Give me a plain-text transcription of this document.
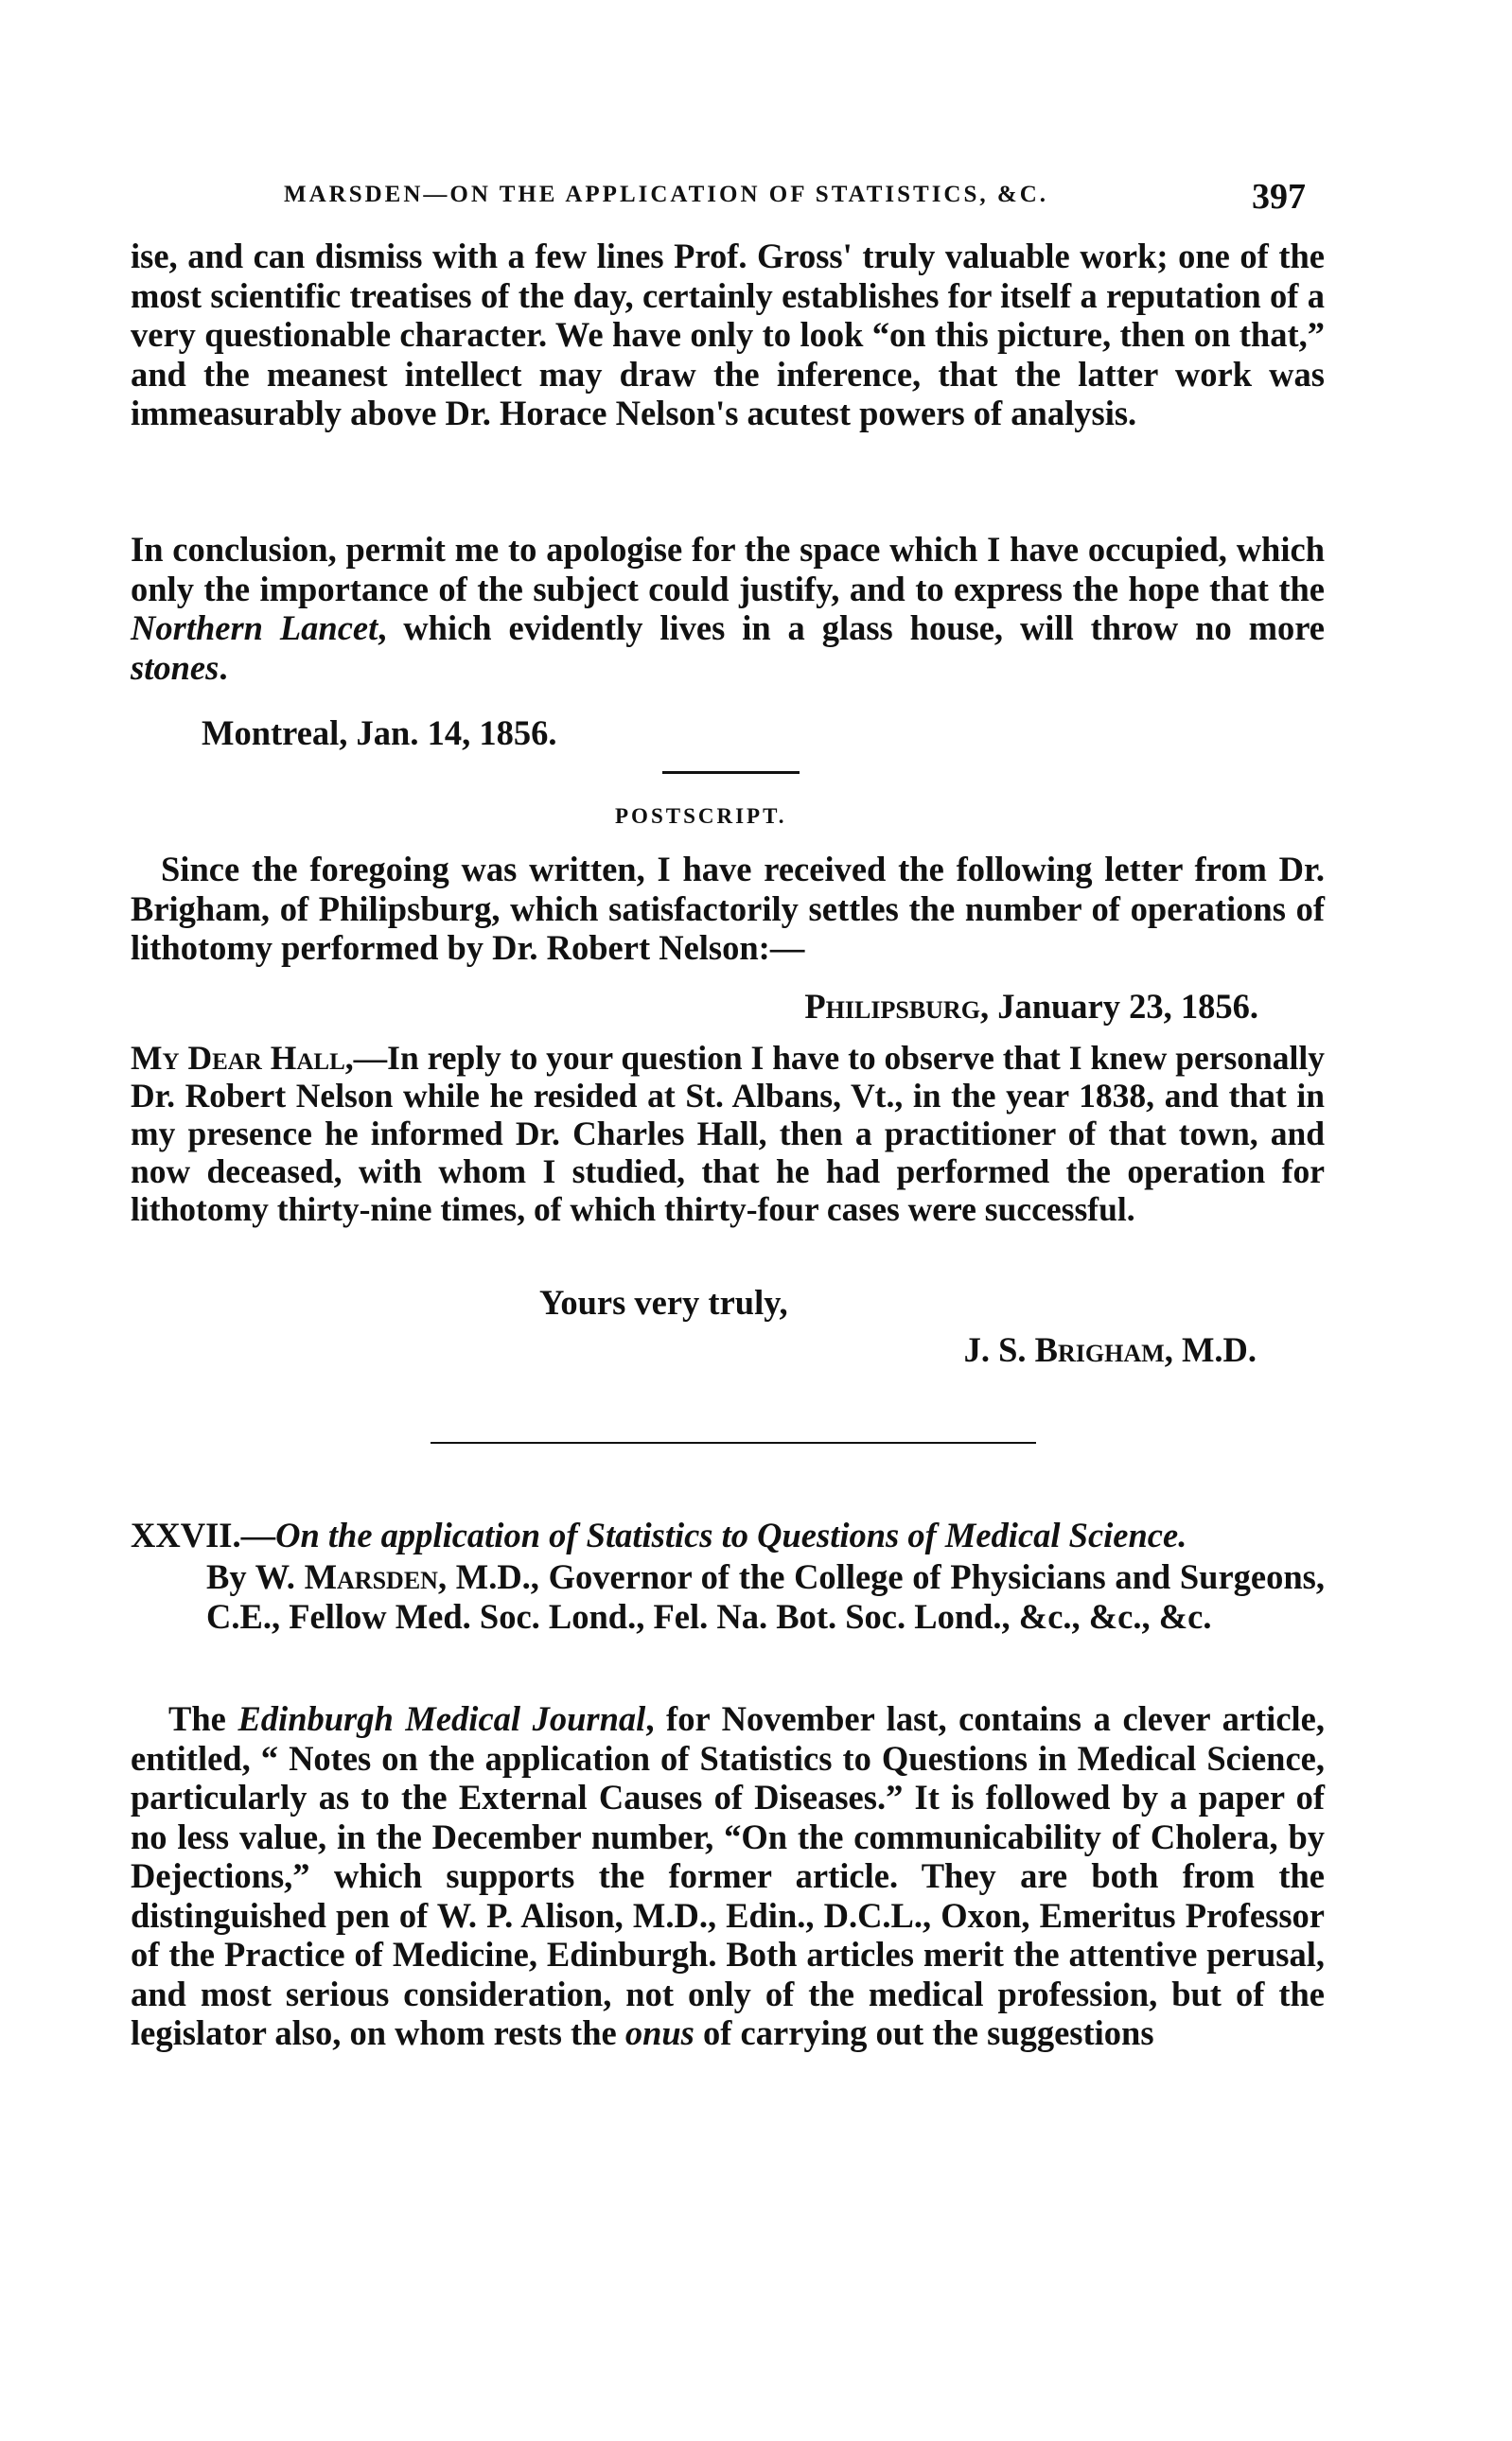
MARSDEN—ON THE APPLICATION OF STATISTICS, &C.	397

ise, and can dismiss with a few lines Prof. Gross' truly valuable work; one of the most scientific treatises of the day, certainly establishes for itself a reputation of a very questionable character. We have only to look “on this picture, then on that,” and the meanest intellect may draw the inference, that the latter work was immeasurably above Dr. Horace Nelson's acutest powers of analysis.

In conclusion, permit me to apologise for the space which I have occupied, which only the importance of the subject could justify, and to express the hope that the Northern Lancet, which evidently lives in a glass house, will throw no more stones.

Montreal, Jan. 14, 1856.
POSTSCRIPT.

Since the foregoing was written, I have received the following letter from Dr. Brigham, of Philipsburg, which satisfactorily settles the number of operations of lithotomy performed by Dr. Robert Nelson:—

Philipsburg, January 23, 1856.

My Dear Hall,—In reply to your question I have to observe that I knew personally Dr. Robert Nelson while he resided at St. Albans, Vt., in the year 1838, and that in my presence he informed Dr. Charles Hall, then a practitioner of that town, and now deceased, with whom I studied, that he had performed the operation for lithotomy thirty-nine times, of which thirty-four cases were successful.

Yours very truly,
J. S. Brigham, M.D.

XXVII.—On the application of Statistics to Questions of Medical Science.

By W. Marsden, M.D., Governor of the College of Physicians and Surgeons, C.E., Fellow Med. Soc. Lond., Fel. Na. Bot. Soc. Lond., &c., &c., &c.

The Edinburgh Medical Journal, for November last, contains a clever article, entitled, “ Notes on the application of Statistics to Questions in Medical Science, particularly as to the External Causes of Diseases.” It is followed by a paper of no less value, in the December number, “On the communicability of Cholera, by Dejections,” which supports the former article. They are both from the distinguished pen of W. P. Alison, M.D., Edin., D.C.L., Oxon, Emeritus Professor of the Practice of Medicine, Edinburgh. Both articles merit the attentive perusal, and most serious consideration, not only of the medical profession, but of the legislator also, on whom rests the onus of carrying out the suggestions
